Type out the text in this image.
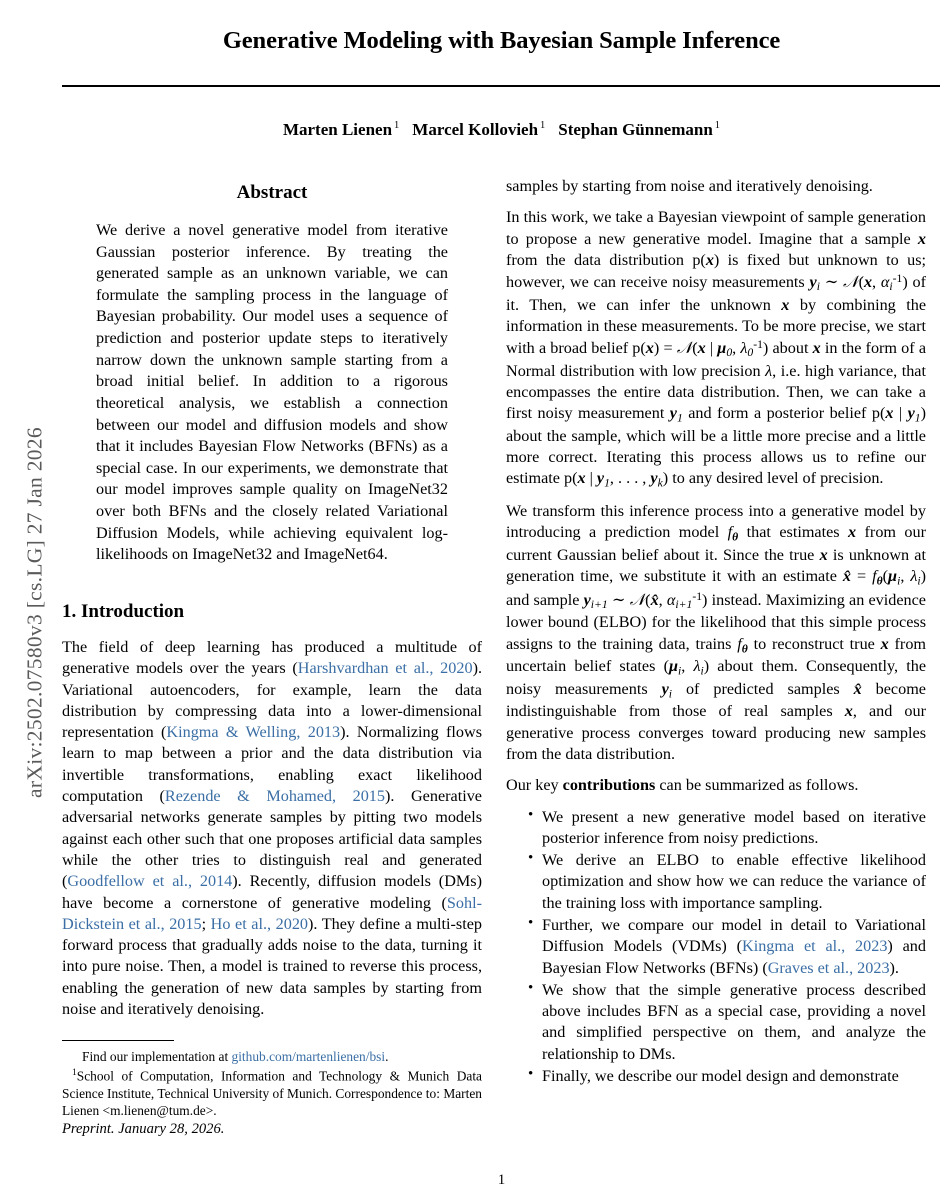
arXiv:2502.07580v3 [cs.LG] 27 Jan 2026
Generative Modeling with Bayesian Sample Inference
Marten Lienen $^1$ Marcel Kollovieh $^1$ Stephan Günnemann $^1$
Abstract
We derive a novel generative model from iterative Gaussian posterior inference. By treating the generated sample as an unknown variable, we can formulate the sampling process in the language of Bayesian probability. Our model uses a sequence of prediction and posterior update steps to iteratively narrow down the unknown sample starting from a broad initial belief. In addition to a rigorous theoretical analysis, we establish a connection between our model and diffusion models and show that it includes Bayesian Flow Networks (BFNs) as a special case. In our experiments, we demonstrate that our model improves sample quality on ImageNet32 over both BFNs and the closely related Variational Diffusion Models, while achieving equivalent log-likelihoods on ImageNet32 and ImageNet64.
1. Introduction

The field of deep learning has produced a multitude of generative models over the years (Harshvardhan et al., 2020). Variational autoencoders, for example, learn the data distribution by compressing data into a lower-dimensional representation (Kingma & Welling, 2013). Normalizing flows learn to map between a prior and the data distribution via invertible transformations, enabling exact likelihood computation (Rezende & Mohamed, 2015). Generative adversarial networks generate samples by pitting two models against each other such that one proposes artificial data samples while the other tries to distinguish real and generated (Goodfellow et al., 2014). Recently, diffusion models (DMs) have become a cornerstone of generative modeling (Sohl-Dickstein et al., 2015; Ho et al., 2020). They define a multi-step forward process that gradually adds noise to the data, turning it into pure noise. Then, a model is trained to reverse this process, enabling the generation of new data samples by starting from noise and iteratively denoising.

samples by starting from noise and iteratively denoising.

In this work, we take a Bayesian viewpoint of sample generation to propose a new generative model. Imagine that a sample x from the data distribution p(x) is fixed but unknown to us; however, we can receive noisy measurements $y_i$ ∼ 𝒩(x, $\alpha_i^{-1}$) of it. Then, we can infer the unknown x by combining the information in these measurements. To be more precise, we start with a broad belief p(x) = 𝒩(x | $\mu_0$, $\lambda_0^{-1}$) about x in the form of a Normal distribution with low precision λ, i.e. high variance, that encompasses the entire data distribution. Then, we can take a first noisy measurement $y_1$ and form a posterior belief p(x | $y_1$) about the sample, which will be a little more precise and a little more correct. Iterating this process allows us to refine our estimate p(x | $y_1$, . . . , $y_k$) to any desired level of precision.

We transform this inference process into a generative model by introducing a prediction model $f_\theta$ that estimates x from our current Gaussian belief about it. Since the true x is unknown at generation time, we substitute it with an estimate x̂ = $f_\theta(\mu_i$, $\lambda_i$) and sample $y_{i+1}$ ∼ 𝒩(x̂, $\alpha_{i+1}^{-1}$) instead. Maximizing an evidence lower bound (ELBO) for the likelihood that this simple process assigns to the training data, trains $f_\theta$ to reconstruct true x from uncertain belief states ($\mu_i$, $\lambda_i$) about them. Consequently, the noisy measurements $y_i$ of predicted samples x̂ become indistinguishable from those of real samples x, and our generative process converges toward producing new samples from the data distribution.

Our key contributions can be summarized as follows.

• We present a new generative model based on iterative posterior inference from noisy predictions.
• We derive an ELBO to enable effective likelihood optimization and show how we can reduce the variance of the training loss with importance sampling.
• Further, we compare our model in detail to Variational Diffusion Models (VDMs) (Kingma et al., 2023) and Bayesian Flow Networks (BFNs) (Graves et al., 2023).
• We show that the simple generative process described above includes BFN as a special case, providing a novel and simplified perspective on them, and analyze the relationship to DMs.
• Finally, we describe our model design and demonstrate

Find our implementation at github.com/martenlienen/bsi.

$^1$School of Computation, Information and Technology & Munich Data Science Institute, Technical University of Munich. Correspondence to: Marten Lienen <m.lienen@tum.de>.

Preprint. January 28, 2026.

1
